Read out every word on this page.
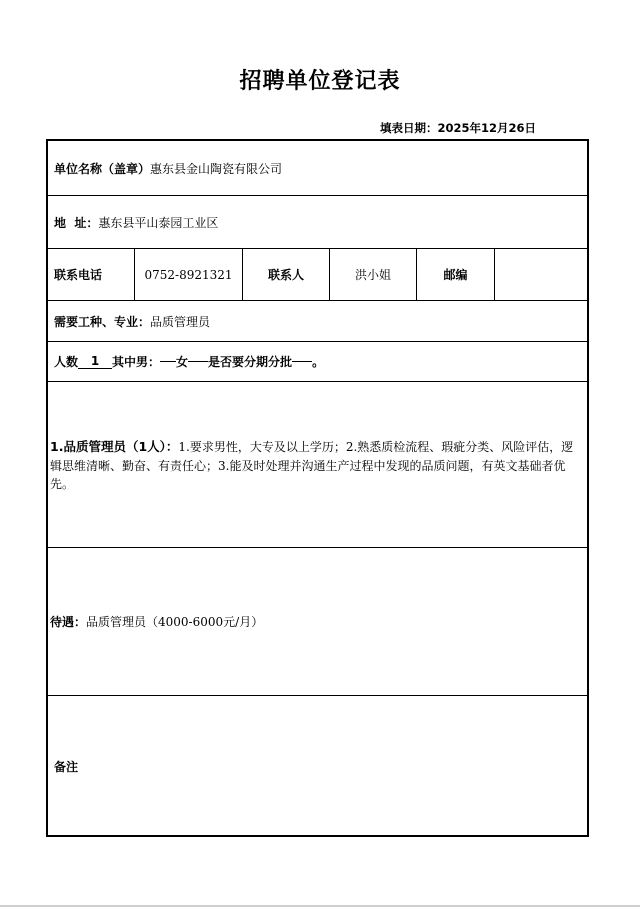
招聘单位登记表
填表日期：2025年12月26日
单位名称（盖章） 惠东县金山陶瓷有限公司
地  址： 惠东县平山泰园工业区
联系电话	0752-8921321	联系人	洪小姐	邮编
需要工种、专业： 品质管理员
人数	1	其中男： 女 是否要分期分批 。
1.品质管理员（1人）：1.要求男性，大专及以上学历；2.熟悉质检流程、瑕疵分类、风险评估，逻辑思维清晰、勤奋、有责任心；3.能及时处理并沟通生产过程中发现的品质问题，有英文基础者优先。
待遇： 品质管理员（4000-6000元/月）
备注
